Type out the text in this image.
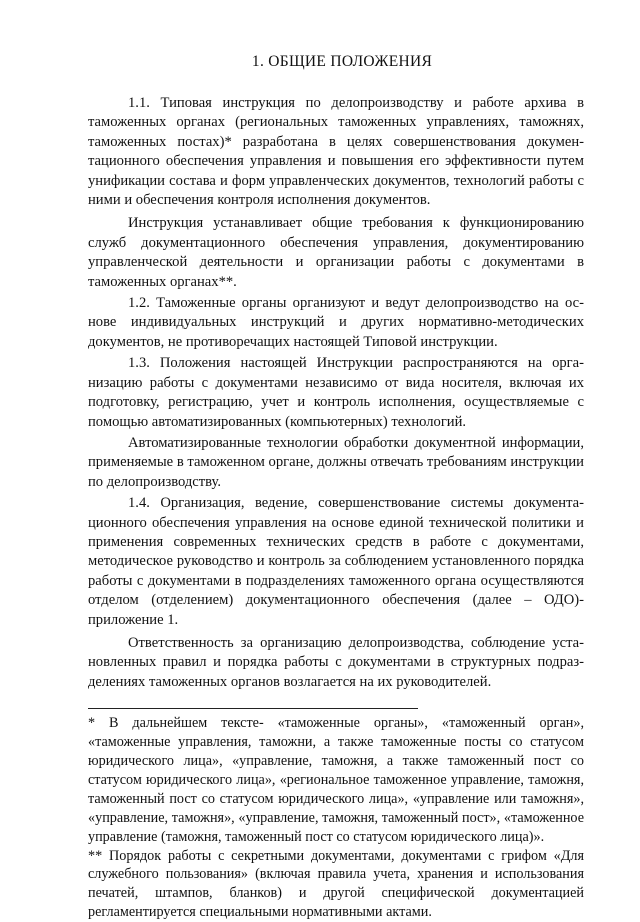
1. ОБЩИЕ ПОЛОЖЕНИЯ

1.1. Типовая инструкция по делопроизводству и работе архива в таможенных органах (региональных таможенных управлениях, таможнях, таможенных постах)* разработана в целях совершенствования документационного обеспечения управления и повышения его эффективности путем унификации состава и форм управленческих документов, технологий работы с ними и обеспечения контроля исполнения документов.

Инструкция устанавливает общие требования к функционированию служб документационного обеспечения управления, документированию управленческой деятельности и организации работы с документами в таможенных органах**.

1.2. Таможенные органы организуют и ведут делопроизводство на основе индивидуальных инструкций и других нормативно-методических документов, не противоречащих настоящей Типовой инструкции.

1.3. Положения настоящей Инструкции распространяются на организацию работы с документами независимо от вида носителя, включая их подготовку, регистрацию, учет и контроль исполнения, осуществляемые с помощью автоматизированных (компьютерных) технологий.

Автоматизированные технологии обработки документной информации, применяемые в таможенном органе, должны отвечать требованиям инструкции по делопроизводству.

1.4. Организация, ведение, совершенствование системы документационного обеспечения управления на основе единой технической политики и применения современных технических средств в работе с документами, методическое руководство и контроль за соблюдением установленного порядка работы с документами в подразделениях таможенного органа осуществляются отделом (отделением) документационного обеспечения (далее – ОДО)- приложение 1.

Ответственность за организацию делопроизводства, соблюдение установленных правил и порядка работы с документами в структурных подразделениях таможенных органов возлагается на их руководителей.

* В дальнейшем тексте- «таможенные органы», «таможенный орган», «таможенные управления, таможни, а также таможенные посты со статусом юридического лица», «управление, таможня, а также таможенный пост со статусом юридического лица», «региональное таможенное управление, таможня, таможенный пост со статусом юридического лица», «управление или таможня», «управление, таможня», «управление, таможня, таможенный пост», «таможенное управление (таможня, таможенный пост со статусом юридического лица)».

** Порядок работы с секретными документами, документами с грифом «Для служебного пользования» (включая правила учета, хранения и использования печатей, штампов, бланков) и другой специфической документацией регламентируется специальными нормативными актами.
